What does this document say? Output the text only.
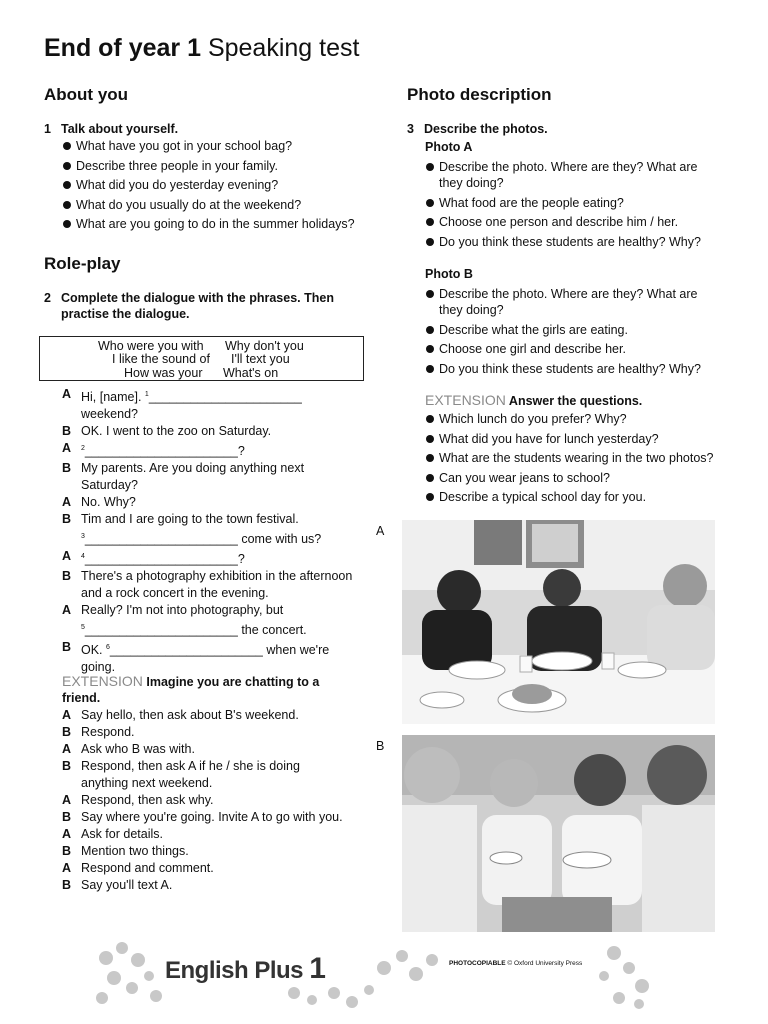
End of year 1 Speaking test
About you
1 Talk about yourself.
What have you got in your school bag?
Describe three people in your family.
What did you do yesterday evening?
What do you usually do at the weekend?
What are you going to do in the summer holidays?
Role-play
2 Complete the dialogue with the phrases. Then
practise the dialogue.
Who were you with Why don't you
I like the sound of I'll text you
How was your What's on
A Hi, [name]. $^1$______________________
weekend?
B OK. I went to the zoo on Saturday.
A	$^2$______________________?
B My parents. Are you doing anything next
Saturday?
A No. Why?
B Tim and I are going to the town festival.
$^3$______________________ come with us?
A	$^4$______________________?
B There's a photography exhibition in the afternoon
and a rock concert in the evening.
A Really? I'm not into photography, but
$^5$______________________ the concert.
B OK. $^6$______________________ when we're
going.
EXTENSION Imagine you are chatting to a
friend.
A Say hello, then ask about B's weekend.
B Respond.
A Ask who B was with.
B Respond, then ask A if he / she is doing
anything next weekend.
A Respond, then ask why.
B Say where you're going. Invite A to go with you.
A Ask for details.
B Mention two things.
A Respond and comment.
B Say you'll text A.
Photo description
3 Describe the photos.
Photo A
Describe the photo. Where are they? What are
they doing?
What food are the people eating?
Choose one person and describe him / her.
Do you think these students are healthy? Why?
Photo B
Describe the photo. Where are they? What are
they doing?
Describe what the girls are eating.
Choose one girl and describe her.
Do you think these students are healthy? Why?
EXTENSION Answer the questions.
Which lunch do you prefer? Why?
What did you have for lunch yesterday?
What are the students wearing in the two photos?
Can you wear jeans to school?
Describe a typical school day for you.
A
B
English Plus 1	PHOTOCOPIABLE © Oxford University Press
